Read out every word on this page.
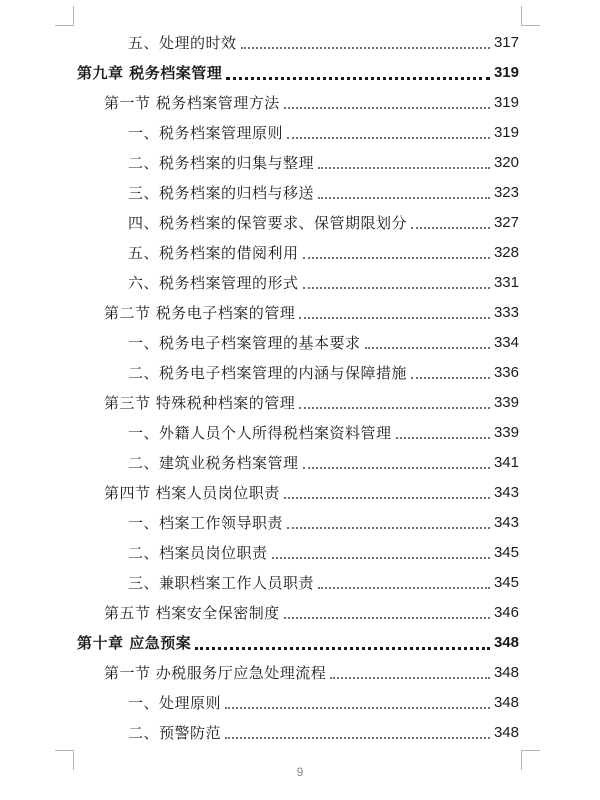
五、处理的时效	317
第九章 税务档案管理	319
第一节 税务档案管理方法	319
一、税务档案管理原则	319
二、税务档案的归集与整理	320
三、税务档案的归档与移送	323
四、税务档案的保管要求、保管期限划分	327
五、税务档案的借阅利用	328
六、税务档案管理的形式	331
第二节 税务电子档案的管理	333
一、税务电子档案管理的基本要求	334
二、税务电子档案管理的内涵与保障措施	336
第三节 特殊税种档案的管理	339
一、外籍人员个人所得税档案资料管理	339
二、建筑业税务档案管理	341
第四节 档案人员岗位职责	343
一、档案工作领导职责	343
二、档案员岗位职责	345
三、兼职档案工作人员职责	345
第五节 档案安全保密制度	346
第十章 应急预案	348
第一节 办税服务厅应急处理流程	348
一、处理原则	348
二、预警防范	348
9
